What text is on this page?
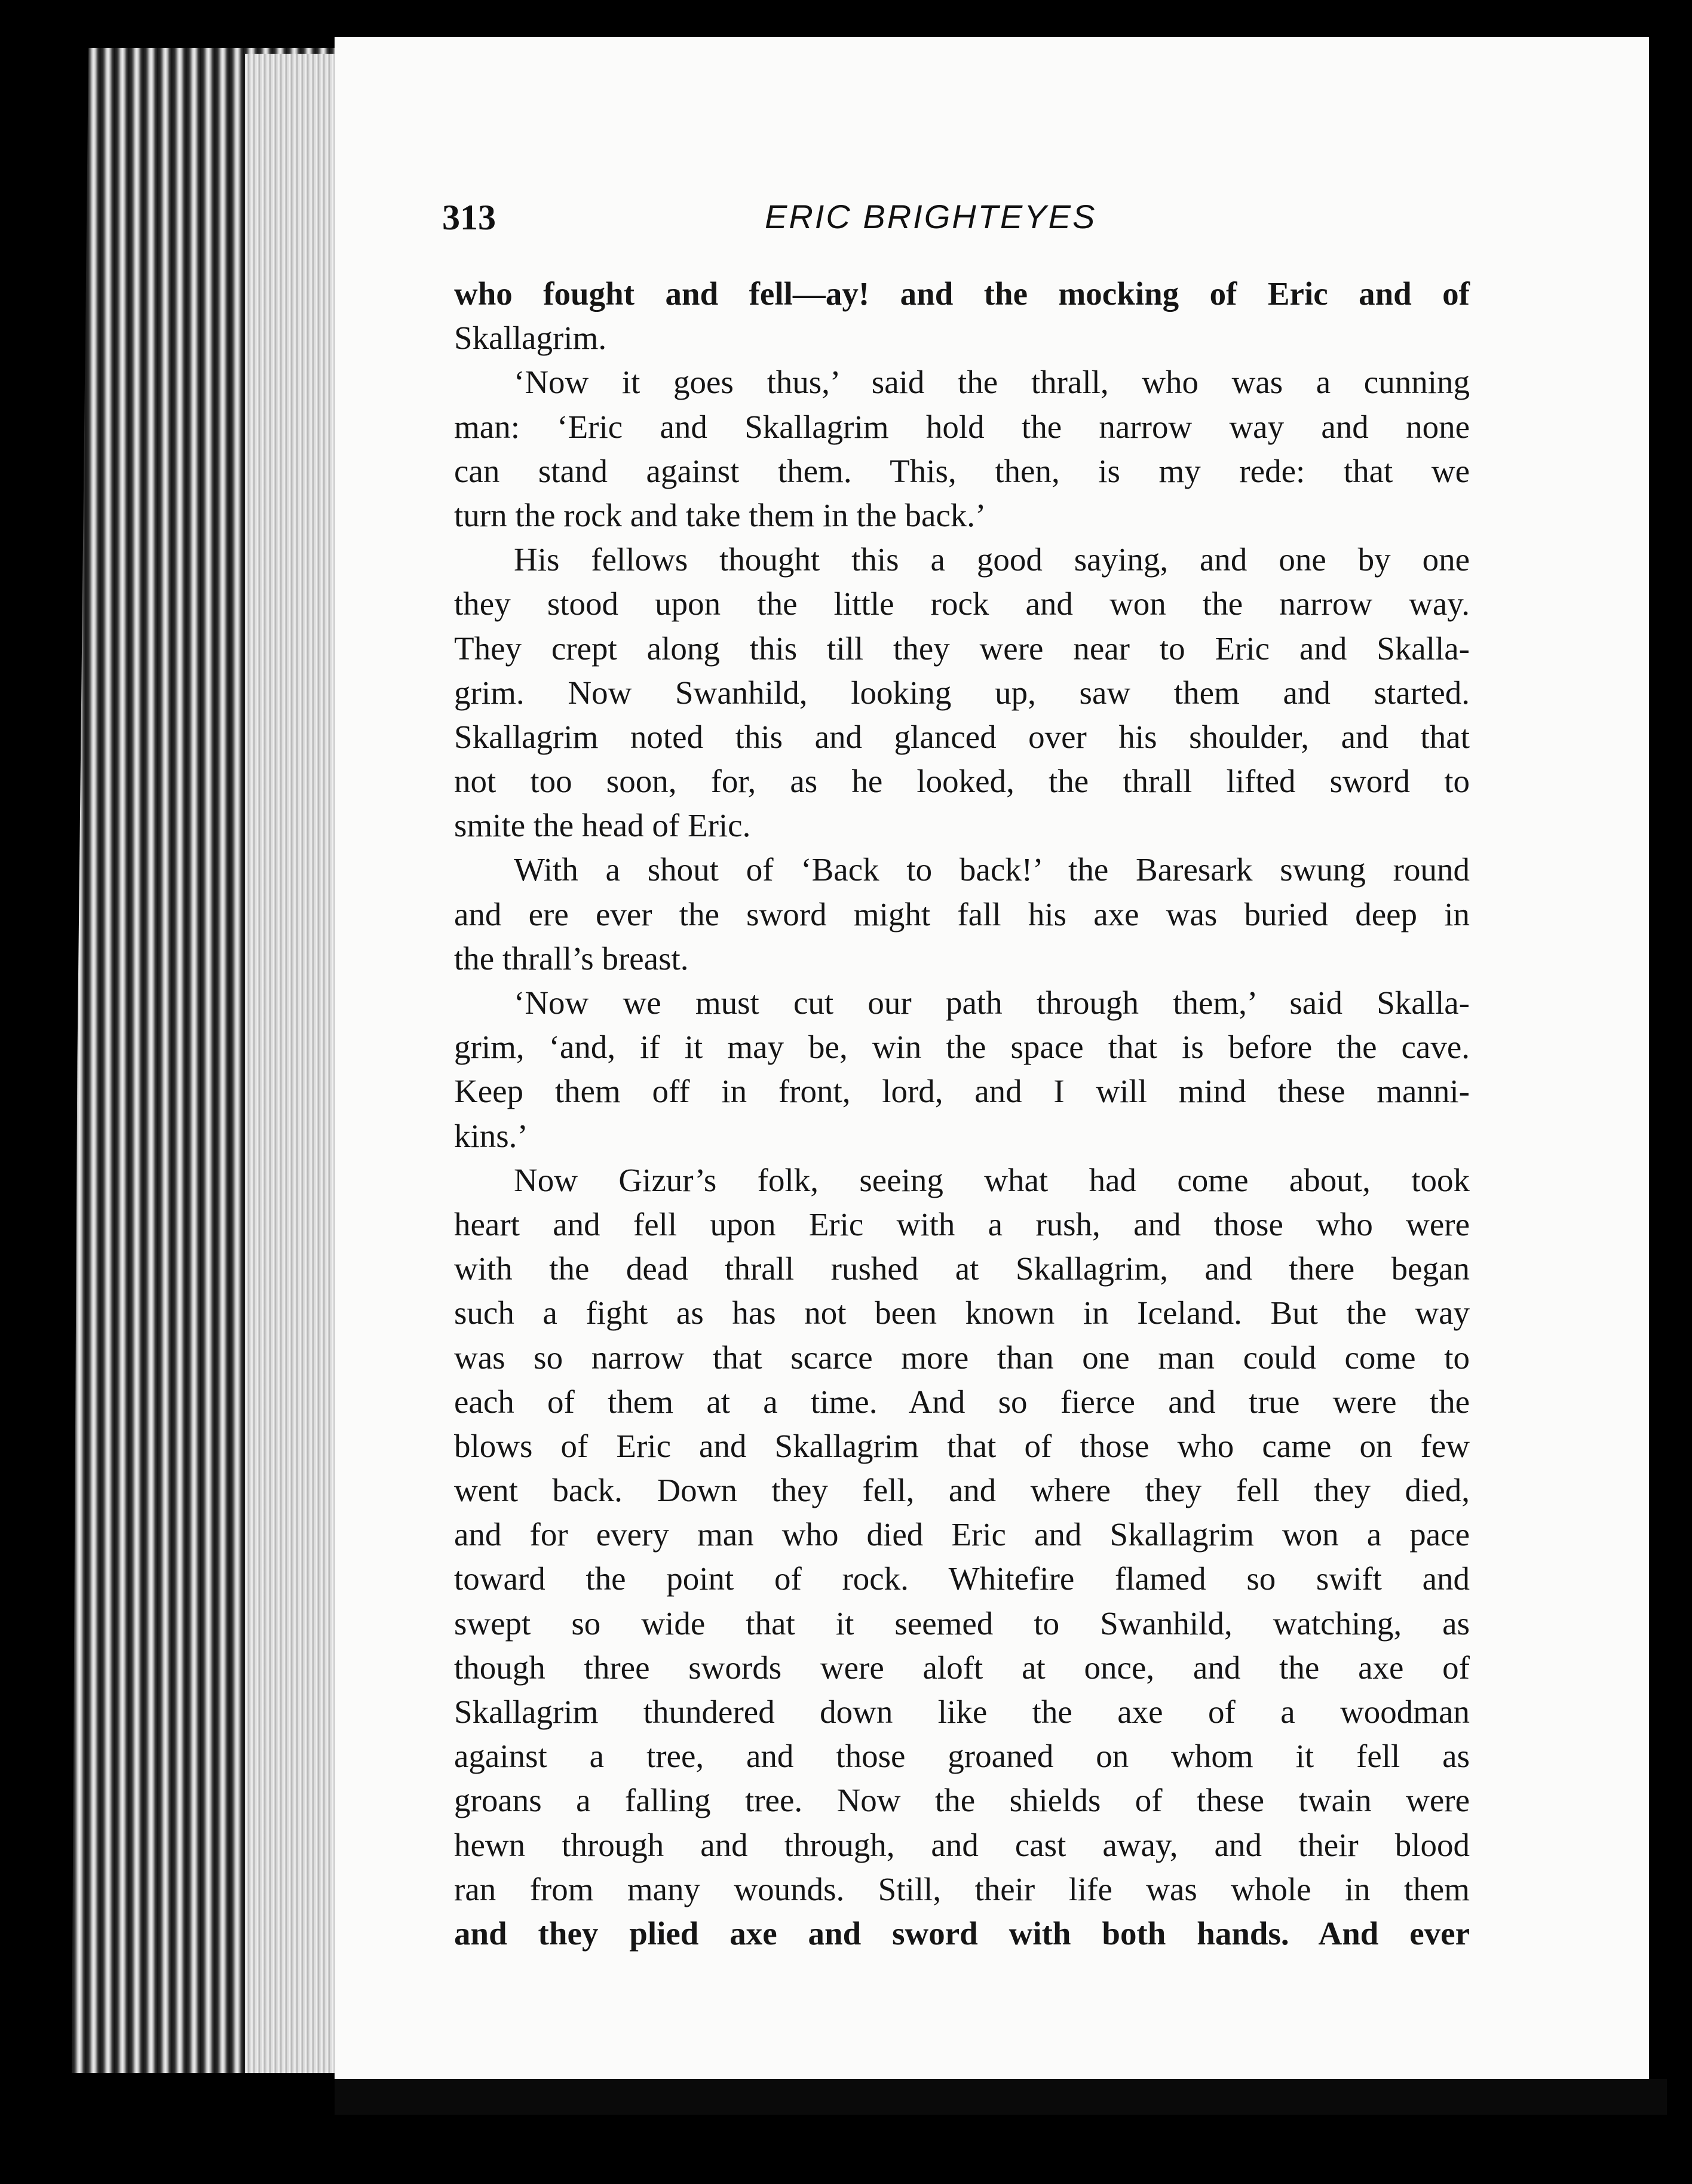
313	ERIC BRIGHTEYES
who fought and fell—ay! and the mocking of Eric and of
Skallagrim.
‘Now it goes thus,’ said the thrall, who was a cunning
man: ‘Eric and Skallagrim hold the narrow way and none
can stand against them. This, then, is my rede: that we
turn the rock and take them in the back.’
His fellows thought this a good saying, and one by one
they stood upon the little rock and won the narrow way.
They crept along this till they were near to Eric and Skalla-
grim. Now Swanhild, looking up, saw them and started.
Skallagrim noted this and glanced over his shoulder, and that
not too soon, for, as he looked, the thrall lifted sword to
smite the head of Eric.
With a shout of ‘Back to back!’ the Baresark swung round
and ere ever the sword might fall his axe was buried deep in
the thrall’s breast.
‘Now we must cut our path through them,’ said Skalla-
grim, ‘and, if it may be, win the space that is before the cave.
Keep them off in front, lord, and I will mind these manni-
kins.’
Now Gizur’s folk, seeing what had come about, took
heart and fell upon Eric with a rush, and those who were
with the dead thrall rushed at Skallagrim, and there began
such a fight as has not been known in Iceland. But the way
was so narrow that scarce more than one man could come to
each of them at a time. And so fierce and true were the
blows of Eric and Skallagrim that of those who came on few
went back. Down they fell, and where they fell they died,
and for every man who died Eric and Skallagrim won a pace
toward the point of rock. Whitefire flamed so swift and
swept so wide that it seemed to Swanhild, watching, as
though three swords were aloft at once, and the axe of
Skallagrim thundered down like the axe of a woodman
against a tree, and those groaned on whom it fell as
groans a falling tree. Now the shields of these twain were
hewn through and through, and cast away, and their blood
ran from many wounds. Still, their life was whole in them
and they plied axe and sword with both hands. And ever
